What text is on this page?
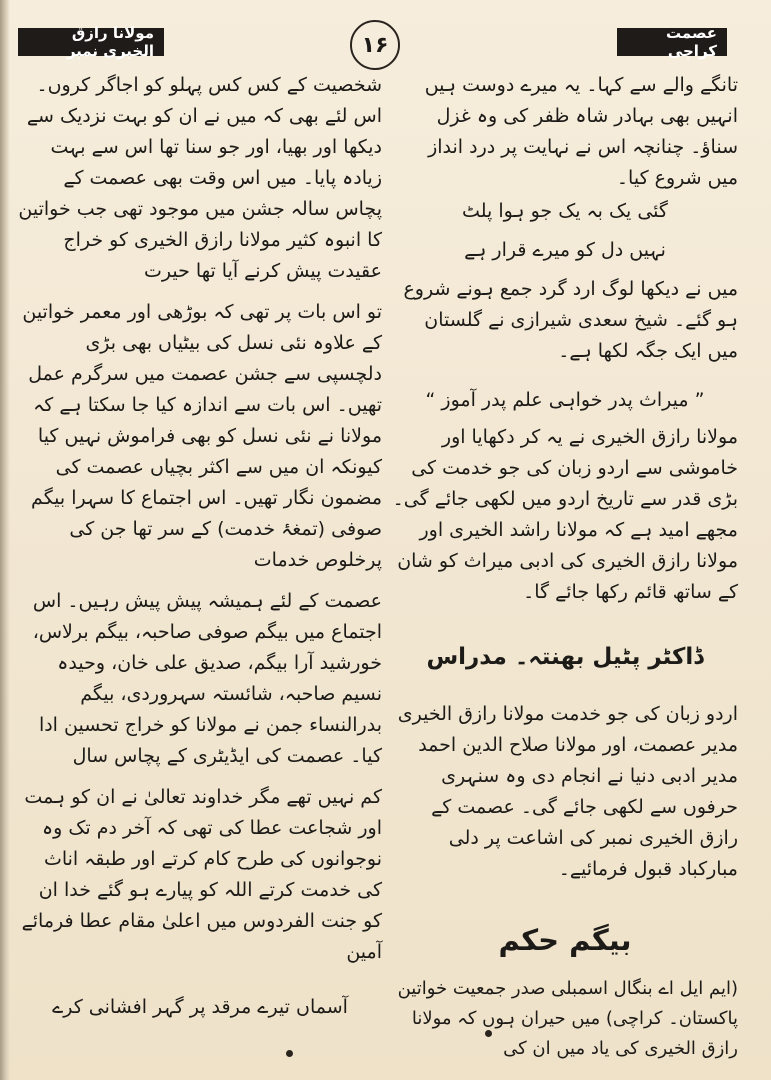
مولانا رازق الخیری نمبر	۱۶	عصمت کراچی

تانگے والے سے کہا۔ یہ میرے دوست ہیں انہیں بھی بہادر شاہ ظفر کی وہ غزل سناؤ۔ چنانچہ اس نے نہایت پر درد انداز میں شروع کیا۔

گئی یک بہ یک جو ہوا پلٹ
نہیں دل کو میرے قرار ہے

میں نے دیکھا لوگ ارد گرد جمع ہونے شروع ہو گئے۔ شیخ سعدی شیرازی نے گلستان میں ایک جگہ لکھا ہے۔

” میراث پدر خواہی علم پدر آموز “

مولانا رازق الخیری نے یہ کر دکھایا اور خاموشی سے اردو زبان کی جو خدمت کی بڑی قدر سے تاریخ اردو میں لکھی جائے گی۔ مجھے امید ہے کہ مولانا راشد الخیری اور مولانا رازق الخیری کی ادبی میراث کو شان کے ساتھ قائم رکھا جائے گا۔

ڈاکٹر پٹیل بھنتہ۔ مدراس

اردو زبان کی جو خدمت مولانا رازق الخیری مدیر عصمت، اور مولانا صلاح الدین احمد مدیر ادبی دنیا نے انجام دی وہ سنہری حرفوں سے لکھی جائے گی۔ عصمت کے رازق الخیری نمبر کی اشاعت پر دلی مبارکباد قبول فرمائیے۔

بیگم حکم

(ایم ایل اے بنگال اسمبلی صدر جمعیت خواتین پاکستان۔ کراچی) میں حیران ہوں کہ مولانا رازق الخیری کی یاد میں ان کی

شخصیت کے کس کس پہلو کو اجاگر کروں۔ اس لئے بھی کہ میں نے ان کو بہت نزدیک سے دیکھا اور بھیا، اور جو سنا تھا اس سے بہت زیادہ پایا۔ میں اس وقت بھی عصمت کے پچاس سالہ جشن میں موجود تھی جب خواتین کا انبوہ کثیر مولانا رازق الخیری کو خراج عقیدت پیش کرنے آیا تھا حیرت

تو اس بات پر تھی کہ بوڑھی اور معمر خواتین کے علاوہ نئی نسل کی بیٹیاں بھی بڑی دلچسپی سے جشن عصمت میں سرگرم عمل تھیں۔ اس بات سے اندازہ کیا جا سکتا ہے کہ مولانا نے نئی نسل کو بھی فراموش نہیں کیا کیونکہ ان میں سے اکثر بچیاں عصمت کی مضمون نگار تھیں۔ اس اجتماع کا سہرا بیگم صوفی (تمغۂ خدمت) کے سر تھا جن کی پرخلوص خدمات

عصمت کے لئے ہمیشہ پیش پیش رہیں۔ اس اجتماع میں بیگم صوفی صاحبہ، بیگم برلاس، خورشید آرا بیگم، صدیق علی خان، وحیدہ نسیم صاحبہ، شائستہ سہروردی، بیگم بدرالنساء جمن نے مولانا کو خراج تحسین ادا کیا۔ عصمت کی ایڈیٹری کے پچاس سال

کم نہیں تھے مگر خداوند تعالیٰ نے ان کو ہمت اور شجاعت عطا کی تھی کہ آخر دم تک وہ نوجوانوں کی طرح کام کرتے اور طبقہ اناث کی خدمت کرتے اللہ کو پیارے ہو گئے خدا ان کو جنت الفردوس میں اعلیٰ مقام عطا فرمائے آمین

آسماں تیرے مرقد پر گہر افشانی کرے
